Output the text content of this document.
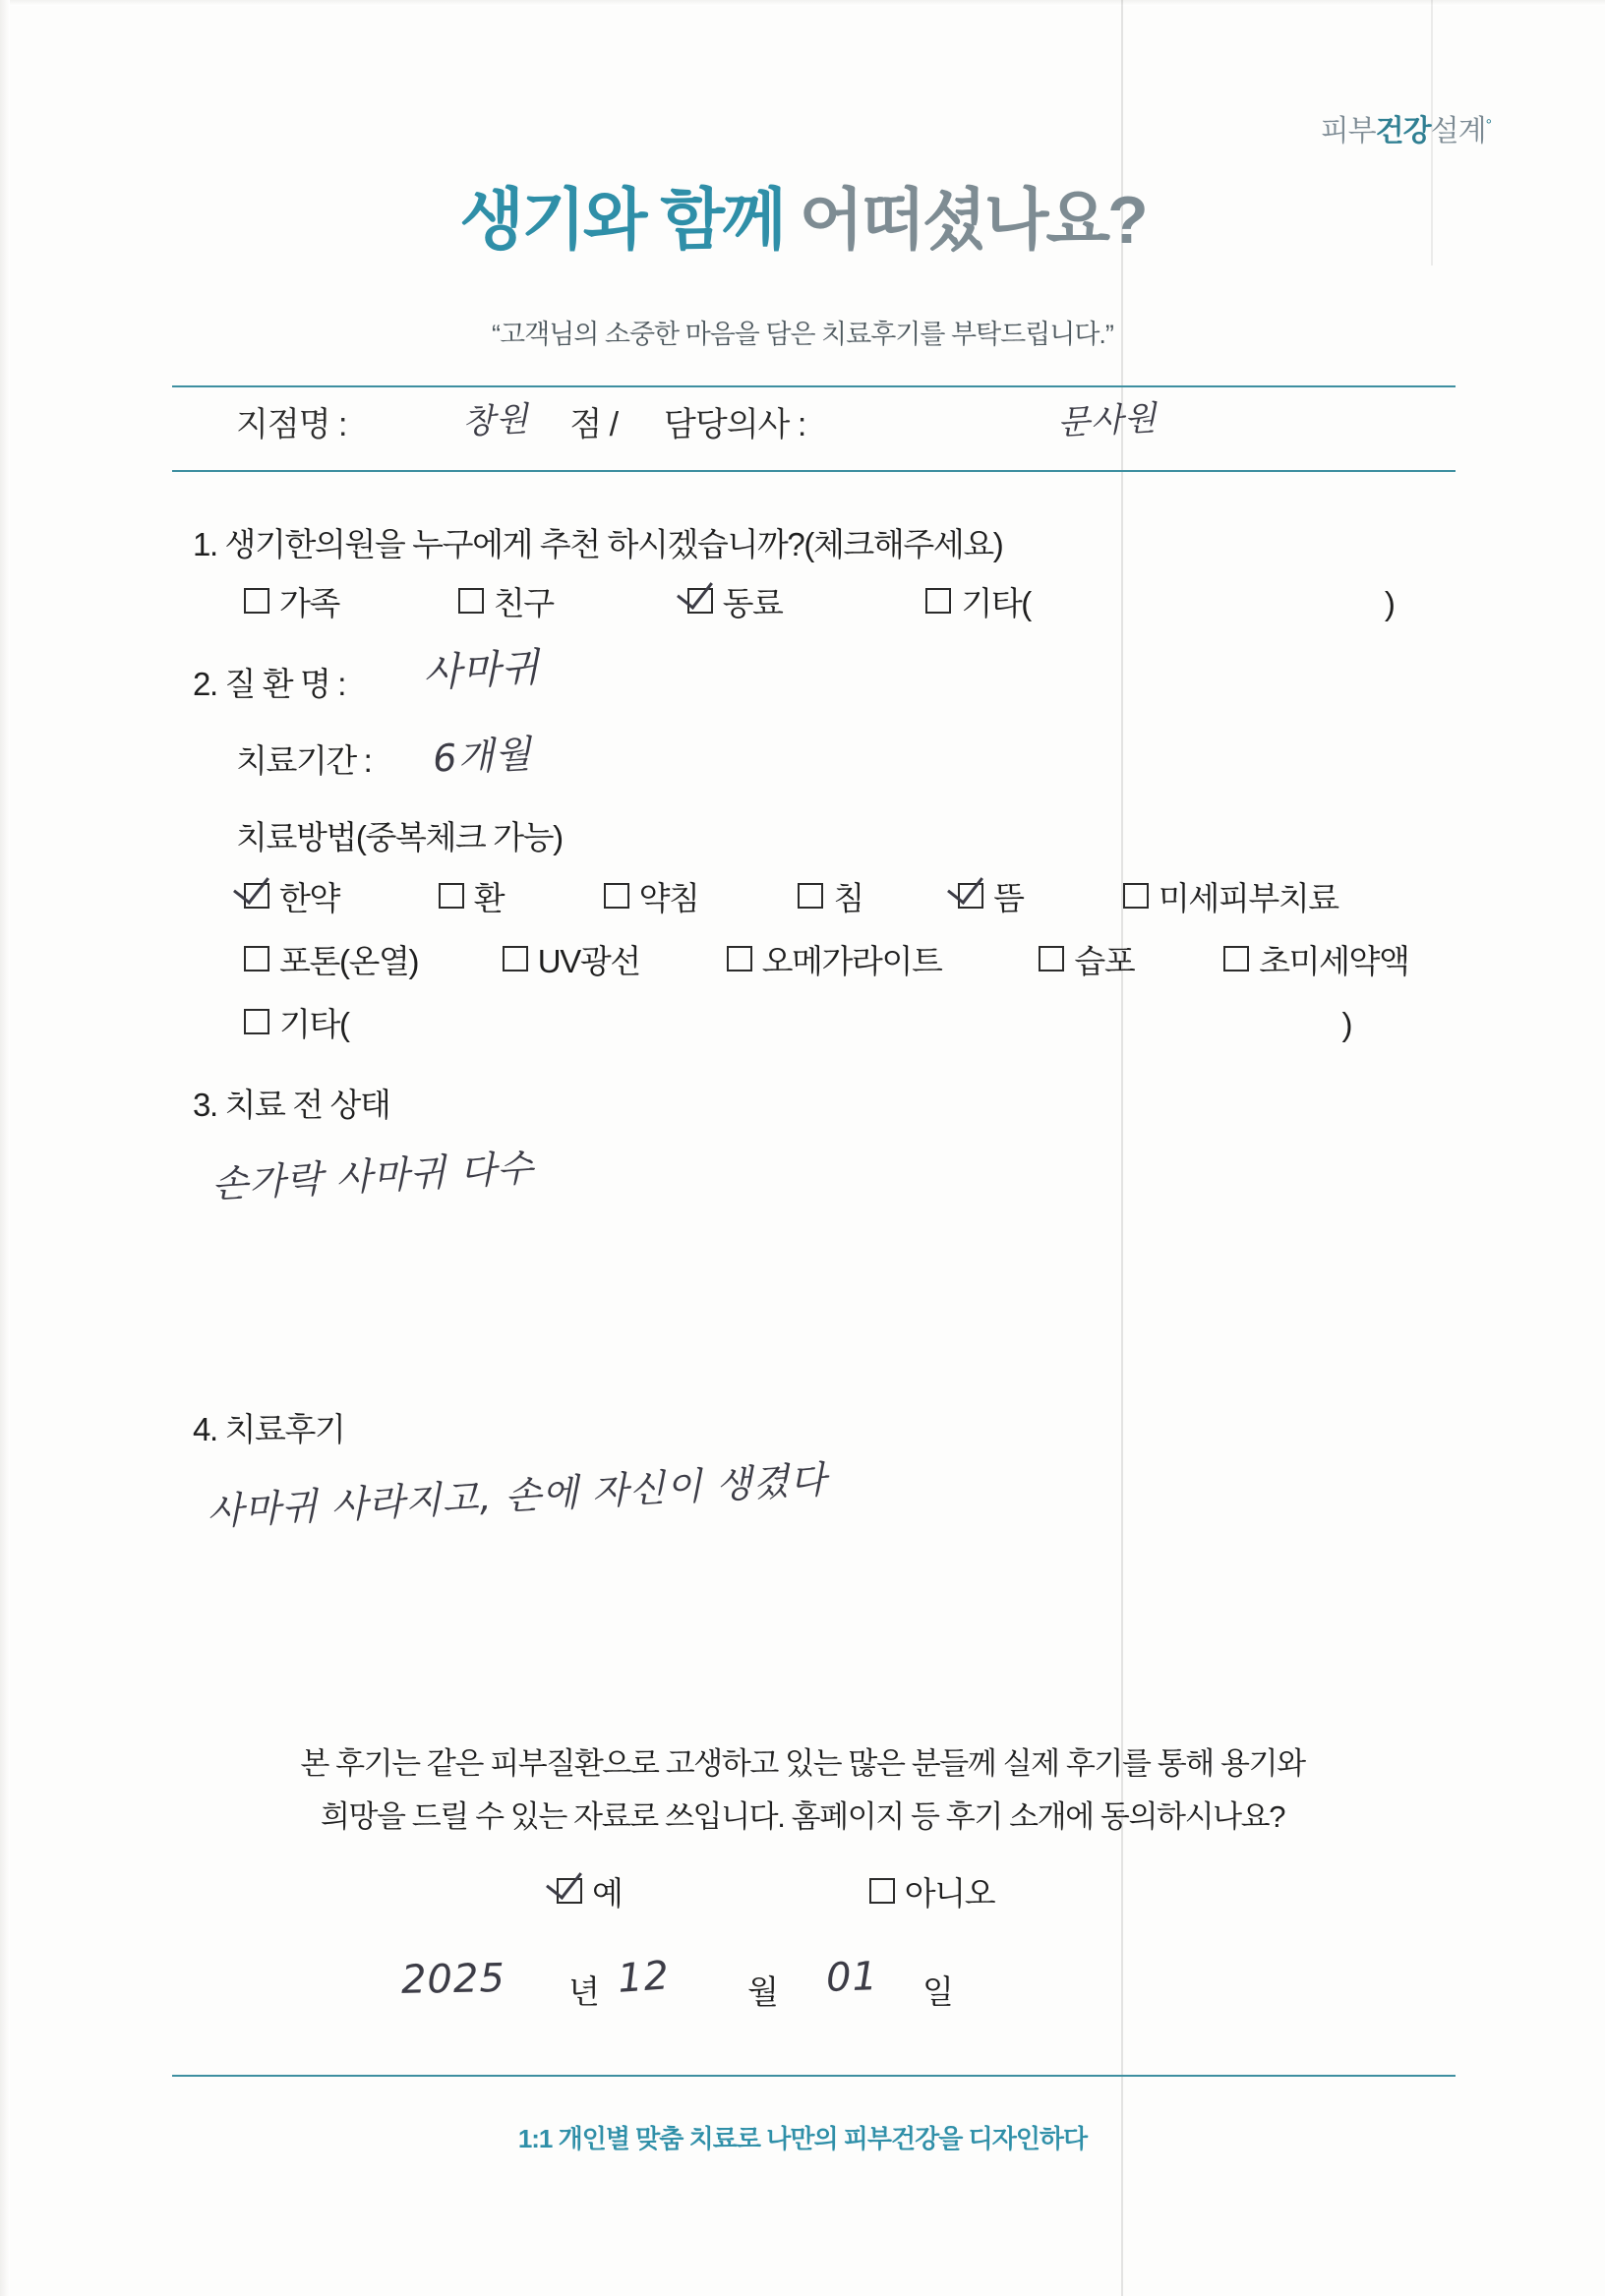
피부건강설계°
생기와 함께 어떠셨나요?
“고객님의 소중한 마음을 담은 치료후기를 부탁드립니다.”
지점명 :	점 / 담당의사 :
창원	문사원
1. 생기한의원을 누구에게 추천 하시겠습니까?(체크해주세요)
가족	친구	동료	기타(	)
2. 질 환 명 : 사마귀
치료기간 : 6개월
치료방법(중복체크 가능)
한약	환	약침	침	뜸	미세피부치료
포톤(온열)	UV광선	오메가라이트	습포	초미세약액
기타(	)
3. 치료 전 상태
손가락 사마귀 다수
4. 치료후기
사마귀 사라지고, 손에 자신이 생겼다
본 후기는 같은 피부질환으로 고생하고 있는 많은 분들께 실제 후기를 통해 용기와
희망을 드릴 수 있는 자료로 쓰입니다. 홈페이지 등 후기 소개에 동의하시나요?
예	아니오
2025 년 12 월 01 일
1:1 개인별 맞춤 치료로 나만의 피부건강을 디자인하다
